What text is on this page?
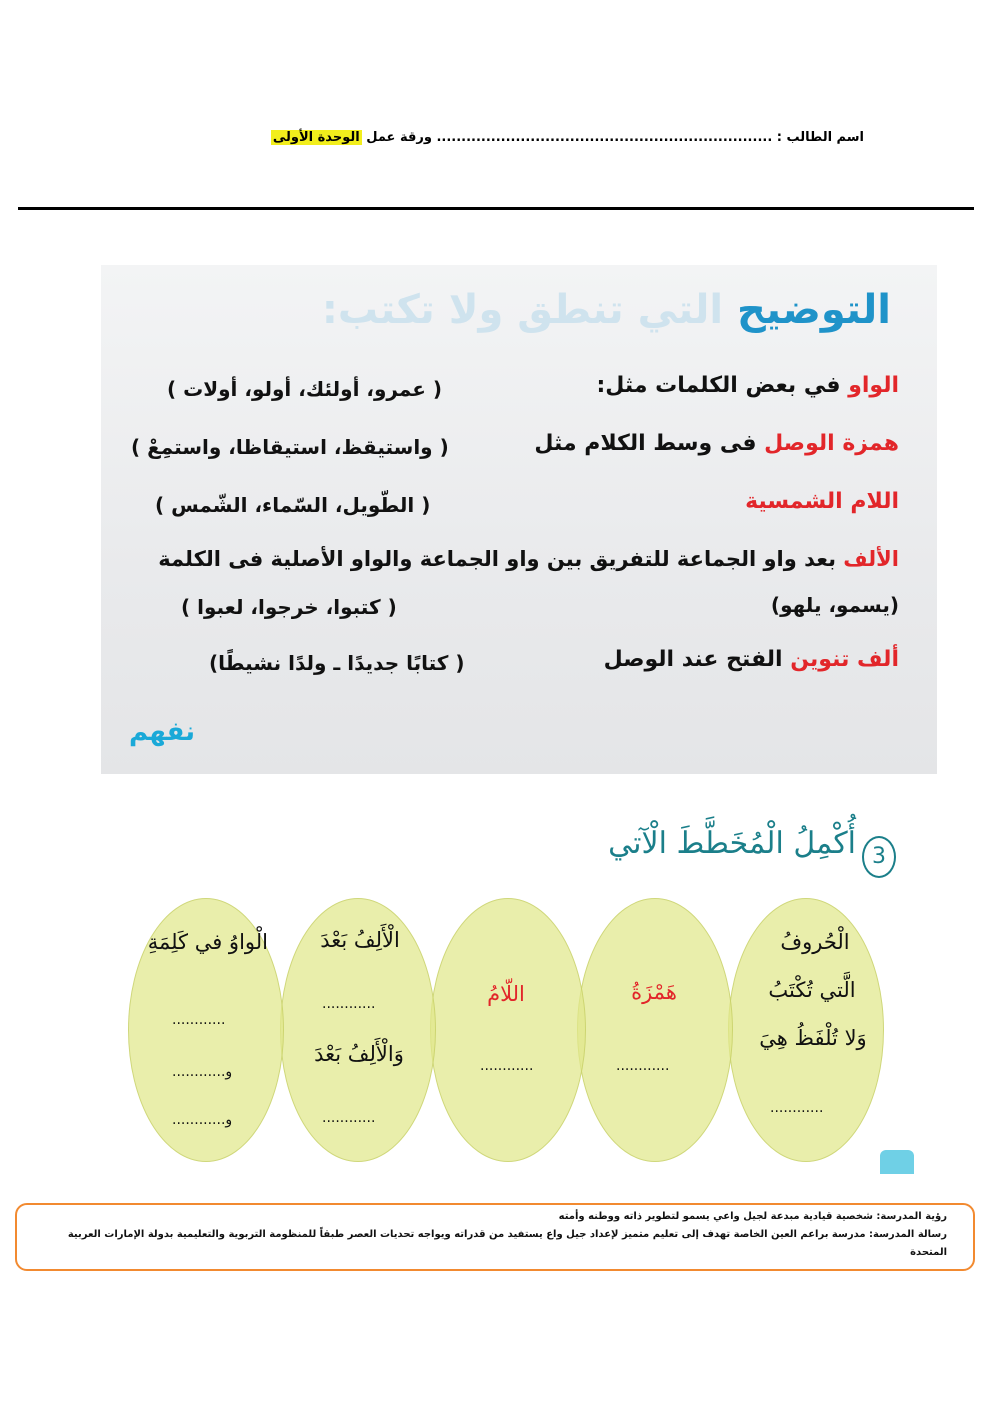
اسم الطالب : .................................................................... ورقة عمل الوحدة الأولى
التوضيح التي تنطق ولا تكتب:
الواو في بعض الكلمات مثل:
( عمرو، أولئك، أولو، أولات )
همزة الوصل فى وسط الكلام مثل
( واستيقظ، استيقاظا، واستمِعْ )
اللام الشمسية
( الطّويل، السّماء، الشّمس )
الألف بعد واو الجماعة للتفريق بين واو الجماعة والواو الأصلية فى الكلمة
(يسمو، يلهو)
( كتبوا، خرجوا، لعبوا )
ألف تنوين الفتح عند الوصل
( كتابًا جديدًا ـ ولدًا نشيطًا)
نفهم
أُكْمِلُ الْمُخَطَّطَ الْآتي 3
الْحُروفُ
الَّتي تُكْتَبُ
وَلا تُلْفَظُ هِيَ
............
هَمْزَةُ
............
اللّامُ
............
الْأَلِفُ بَعْدَ
............
وَالْأَلِفُ بَعْدَ
............
الْواوُ في كَلِمَةِ
............
و............
و............
رؤية المدرسة: شخصية قيادية مبدعة لجيل واعي يسمو لتطوير ذاته ووطنه وأمته
رسالة المدرسة: مدرسة براعم العين الخاصة تهدف إلى تعليم متميز لإعداد جيل واع يستفيد من قدراته ويواجه تحديات العصر طبقاً للمنظومة التربوية والتعليمية بدولة الإمارات العربية
المتحدة
